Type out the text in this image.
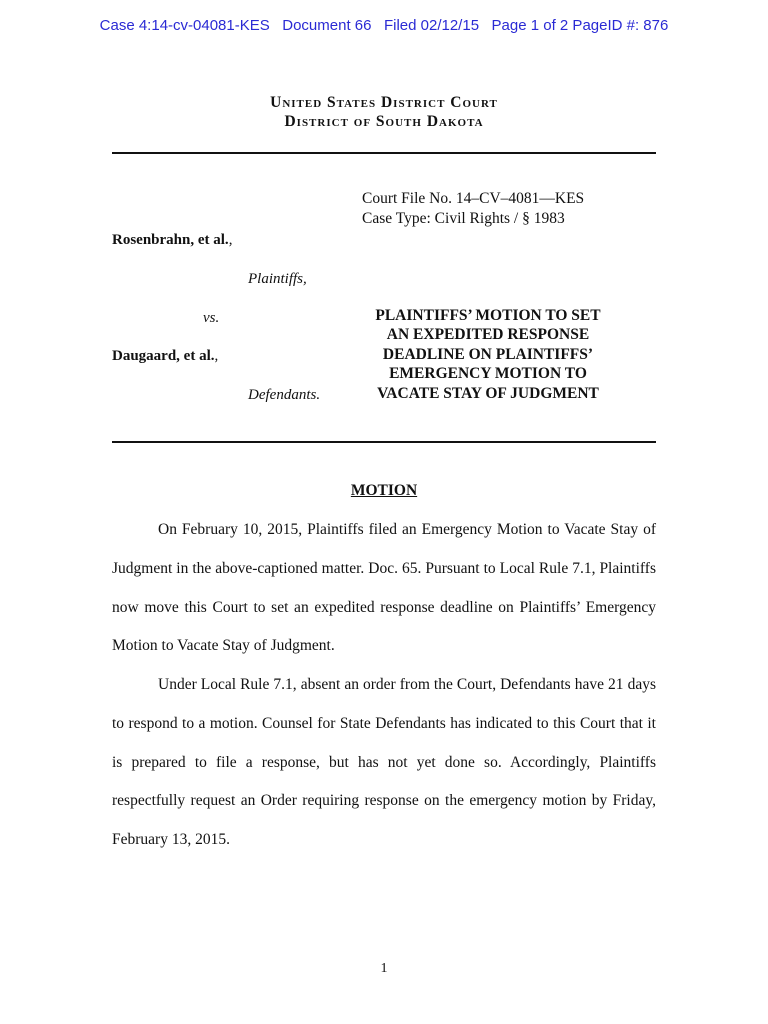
Case 4:14-cv-04081-KES   Document 66   Filed 02/12/15   Page 1 of 2 PageID #: 876
United States District Court
District of South Dakota
Court File No. 14–CV–4081—KES
Case Type: Civil Rights / § 1983
Rosenbrahn, et al.,
Plaintiffs,
vs.
Daugaard, et al.,
Defendants.
PLAINTIFFS’ MOTION TO SET AN EXPEDITED RESPONSE DEADLINE ON PLAINTIFFS’ EMERGENCY MOTION TO VACATE STAY OF JUDGMENT
MOTION

On February 10, 2015, Plaintiffs filed an Emergency Motion to Vacate Stay of Judgment in the above-captioned matter. Doc. 65. Pursuant to Local Rule 7.1, Plaintiffs now move this Court to set an expedited response deadline on Plaintiffs’ Emergency Motion to Vacate Stay of Judgment.

Under Local Rule 7.1, absent an order from the Court, Defendants have 21 days to respond to a motion. Counsel for State Defendants has indicated to this Court that it is prepared to file a response, but has not yet done so. Accordingly, Plaintiffs respectfully request an Order requiring response on the emergency motion by Friday, February 13, 2015.

1
